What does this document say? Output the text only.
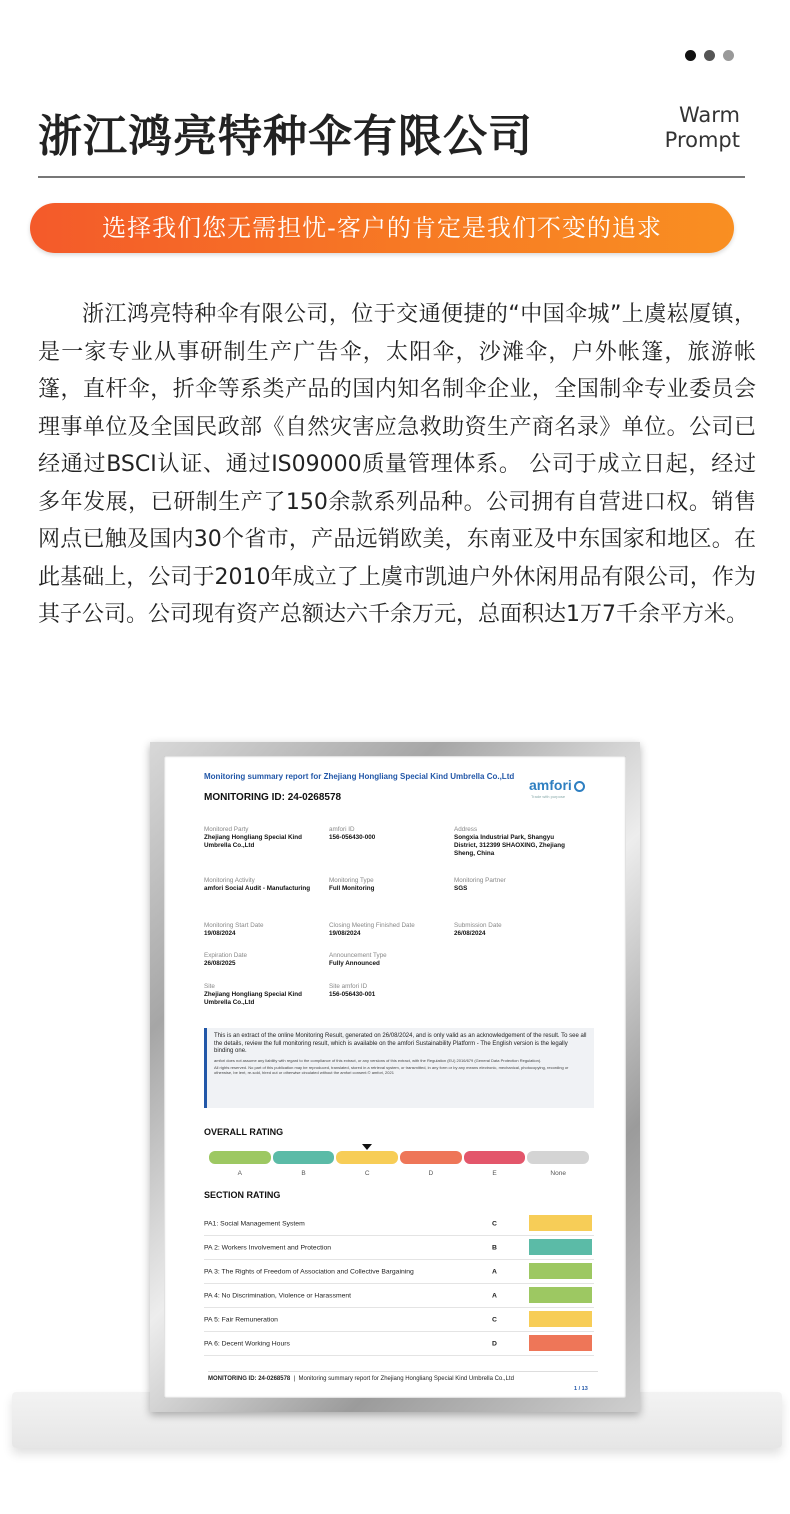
浙江鸿亮特种伞有限公司	Warm
Prompt
选择我们您无需担忧-客户的肯定是我们不变的追求

浙江鸿亮特种伞有限公司，位于交通便捷的“中国伞城”上虞崧厦镇，是一家专业从事研制生产广告伞，太阳伞，沙滩伞，户外帐篷，旅游帐篷，直杆伞，折伞等系类产品的国内知名制伞企业，全国制伞专业委员会理事单位及全国民政部《自然灾害应急救助资生产商名录》单位。公司已经通过BSCI认证、通过IS09000质量管理体系。 公司于成立日起，经过多年发展，已研制生产了150余款系列品种。公司拥有自营进口权。销售网点已触及国内30个省市，产品远销欧美，东南亚及中东国家和地区。在此基础上，公司于2010年成立了上虞市凯迪户外休闲用品有限公司，作为其子公司。公司现有资产总额达六千余万元，总面积达1万7千余平方米。

Monitoring summary report for Zhejiang Hongliang Special Kind Umbrella Co.,Ltd
MONITORING ID: 24-0268578
amfori
Trade with purpose
Monitored Party
Zhejiang Hongliang Special Kind Umbrella Co.,Ltd
amfori ID
156-056430-000
Address
Songxia Industrial Park, Shangyu District, 312399 SHAOXING, Zhejiang Sheng, China
Monitoring Activity
amfori Social Audit - Manufacturing
Monitoring Type
Full Monitoring
Monitoring Partner
SGS
Monitoring Start Date
19/08/2024
Closing Meeting Finished Date
19/08/2024
Submission Date
26/08/2024
Expiration Date
26/08/2025
Announcement Type
Fully Announced
Site
Zhejiang Hongliang Special Kind Umbrella Co.,Ltd
Site amfori ID
156-056430-001
This is an extract of the online Monitoring Result, generated on 26/08/2024, and is only valid as an acknowledgement of the result. To see all the details, review the full monitoring result, which is available on the amfori Sustainability Platform - The English version is the legally binding one.
amfori does not assume any liability with regard to the compliance of this extract, or any versions of this extract, with the Regulation (EU) 2016/679 (General Data Protection Regulation).
All rights reserved. No part of this publication may be reproduced, translated, stored in a retrieval system, or transmitted, in any form or by any means electronic, mechanical, photocopying, recording or otherwise, be lent, re-sold, hired out or otherwise circulated without the amfori consent.© amfori, 2021
OVERALL RATING
A	B	C	D	E	None
SECTION RATING
PA1: Social Management System	C
PA 2: Workers Involvement and Protection	B
PA 3: The Rights of Freedom of Association and Collective Bargaining	A
PA 4: No Discrimination, Violence or Harassment	A
PA 5: Fair Remuneration	C
PA 6: Decent Working Hours	D
MONITORING ID: 24-0268578  |  Monitoring summary report for Zhejiang Hongliang Special Kind Umbrella Co.,Ltd
1 / 13
